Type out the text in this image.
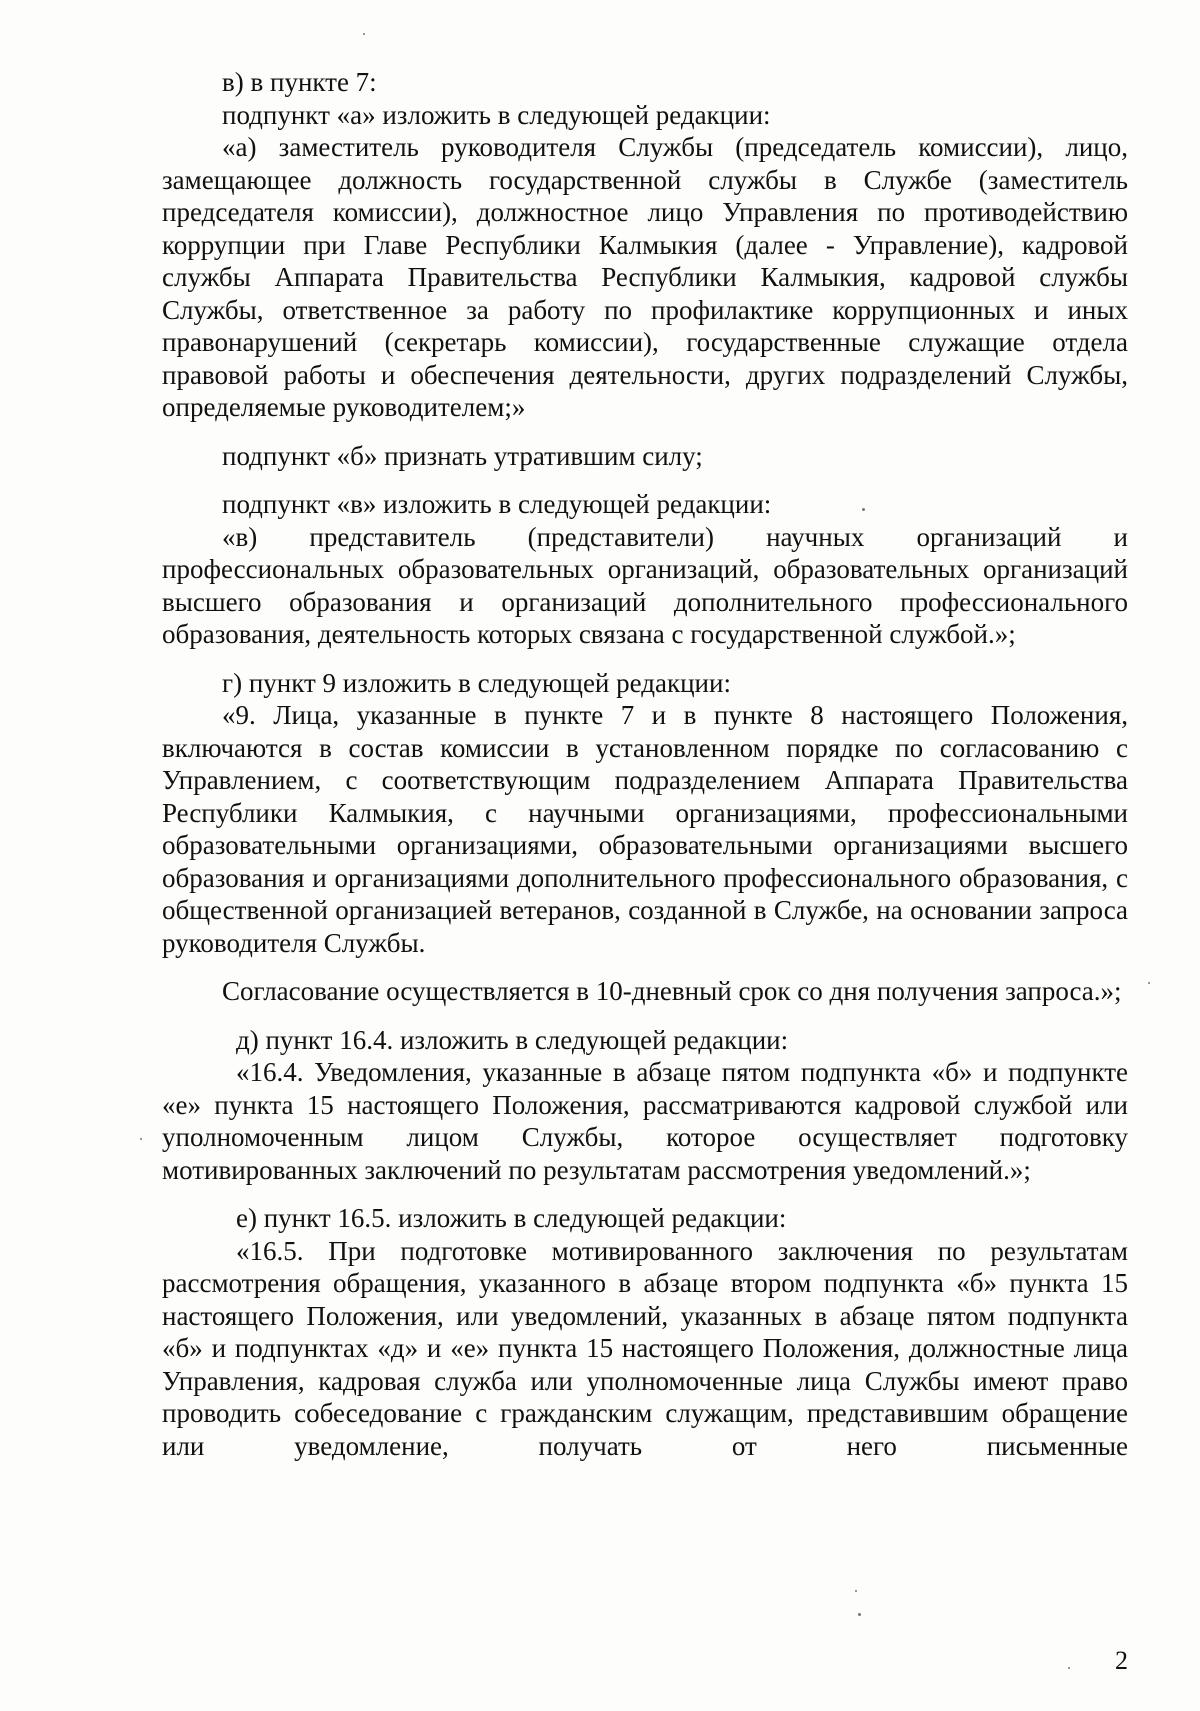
в) в пункте 7:

подпункт «а» изложить в следующей редакции:

«а) заместитель руководителя Службы (председатель комиссии), лицо, замещающее должность государственной службы в Службе (заместитель председателя комиссии), должностное лицо Управления по противодействию коррупции при Главе Республики Калмыкия (далее - Управление), кадровой службы Аппарата Правительства Республики Калмыкия, кадровой службы Службы, ответственное за работу по профилактике коррупционных и иных правонарушений (секретарь комиссии), государственные служащие отдела правовой работы и обеспечения деятельности, других подразделений Службы, определяемые руководителем;»

подпункт «б» признать утратившим силу;

подпункт «в» изложить в следующей редакции:

«в) представитель (представители) научных организаций и профессиональных образовательных организаций, образовательных организаций высшего образования и организаций дополнительного профессионального образования, деятельность которых связана с государственной службой.»;

г) пункт 9 изложить в следующей редакции:

«9. Лица, указанные в пункте 7 и в пункте 8 настоящего Положения, включаются в состав комиссии в установленном порядке по согласованию с Управлением, с соответствующим подразделением Аппарата Правительства Республики Калмыкия, с научными организациями, профессиональными образовательными организациями, образовательными организациями высшего образования и организациями дополнительного профессионального образования, с общественной организацией ветеранов, созданной в Службе, на основании запроса руководителя Службы.

Согласование осуществляется в 10-дневный срок со дня получения запроса.»;

д) пункт 16.4. изложить в следующей редакции:

«16.4. Уведомления, указанные в абзаце пятом подпункта «б» и подпункте «е» пункта 15 настоящего Положения, рассматриваются кадровой службой или уполномоченным лицом Службы, которое осуществляет подготовку мотивированных заключений по результатам рассмотрения уведомлений.»;

е) пункт 16.5. изложить в следующей редакции:

«16.5. При подготовке мотивированного заключения по результатам рассмотрения обращения, указанного в абзаце втором подпункта «б» пункта 15 настоящего Положения, или уведомлений, указанных в абзаце пятом подпункта «б» и подпунктах «д» и «е» пункта 15 настоящего Положения, должностные лица Управления, кадровая служба или уполномоченные лица Службы имеют право проводить собеседование с гражданским служащим, представившим обращение или уведомление, получать от него письменные

2
